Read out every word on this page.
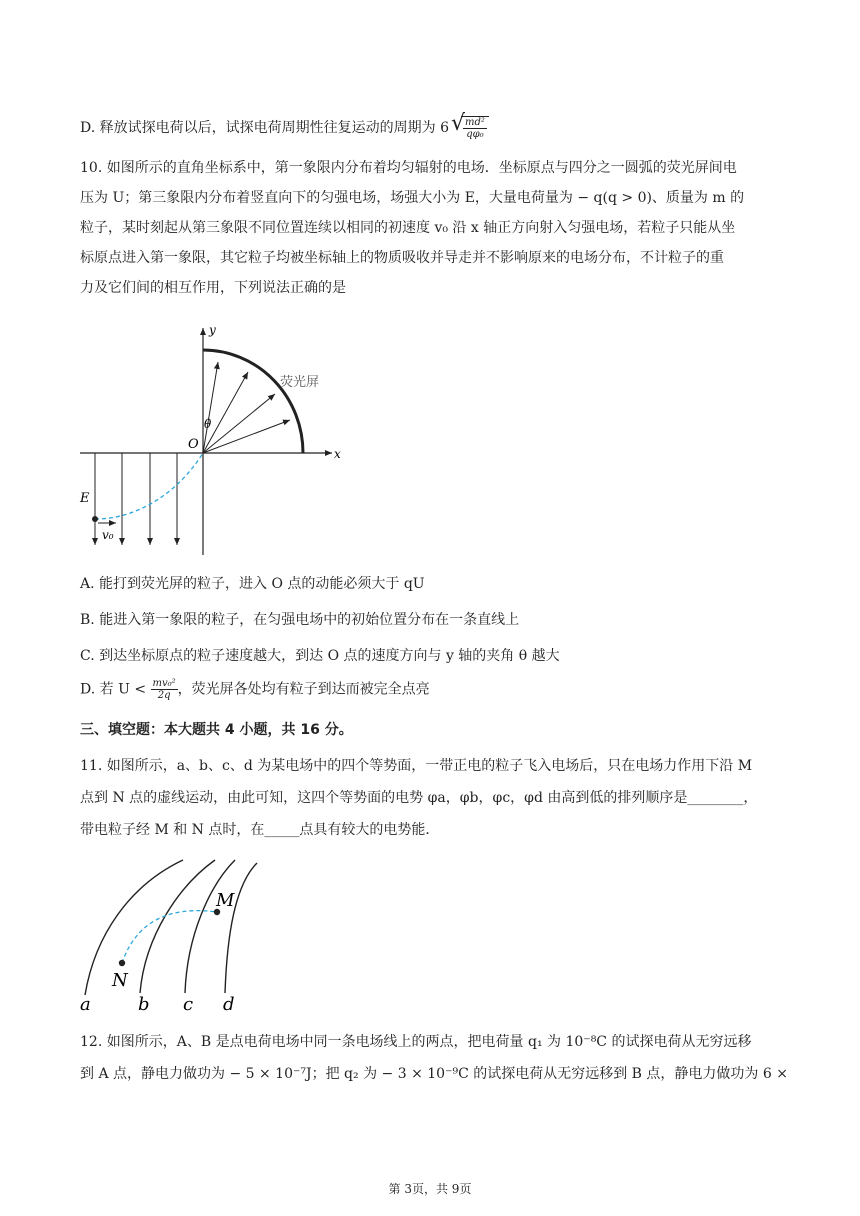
D. 释放试探电荷以后，试探电荷周期性往复运动的周期为 6
√ $\frac{\text{md²}}{\text{qφ₀}}$
10. 如图所示的直角坐标系中，第一象限内分布着均匀辐射的电场．坐标原点与四分之一圆弧的荧光屏间电
压为 U；第三象限内分布着竖直向下的匀强电场，场强大小为 E，大量电荷量为 − q(q > 0)、质量为 m 的
粒子，某时刻起从第三象限不同位置连续以相同的初速度 v₀ 沿 x 轴正方向射入匀强电场，若粒子只能从坐
标原点进入第一象限，其它粒子均被坐标轴上的物质吸收并导走并不影响原来的电场分布，不计粒子的重
力及它们间的相互作用，下列说法正确的是
y
x
O
θ
荧光屏
E
v₀
A. 能打到荧光屏的粒子，进入 O 点的动能必须大于 qU
B. 能进入第一象限的粒子，在匀强电场中的初始位置分布在一条直线上
C. 到达坐标原点的粒子速度越大，到达 O 点的速度方向与 y 轴的夹角 θ 越大
D. 若 $U < \frac{\text{mv₀²}}{2q}$ ，荧光屏各处均有粒子到达而被完全点亮
三、填空题：本大题共 4 小题，共 16 分。
11. 如图所示，a、b、c、d 为某电场中的四个等势面，一带正电的粒子飞入电场后，只在电场力作用下沿 M
点到 N 点的虚线运动，由此可知，这四个等势面的电势 φa，φb，φc，φd 由高到低的排列顺序是________，
带电粒子经 M 和 N 点时，在_____点具有较大的电势能．
M
N
a	b c d
12. 如图所示，A、B 是点电荷电场中同一条电场线上的两点，把电荷量 q₁ 为 10⁻⁸C 的试探电荷从无穷远移
到 A 点，静电力做功为 − 5 × 10⁻⁷J；把 q₂ 为 − 3 × 10⁻⁹C 的试探电荷从无穷远移到 B 点，静电力做功为 6 ×
第 3页，共 9页
